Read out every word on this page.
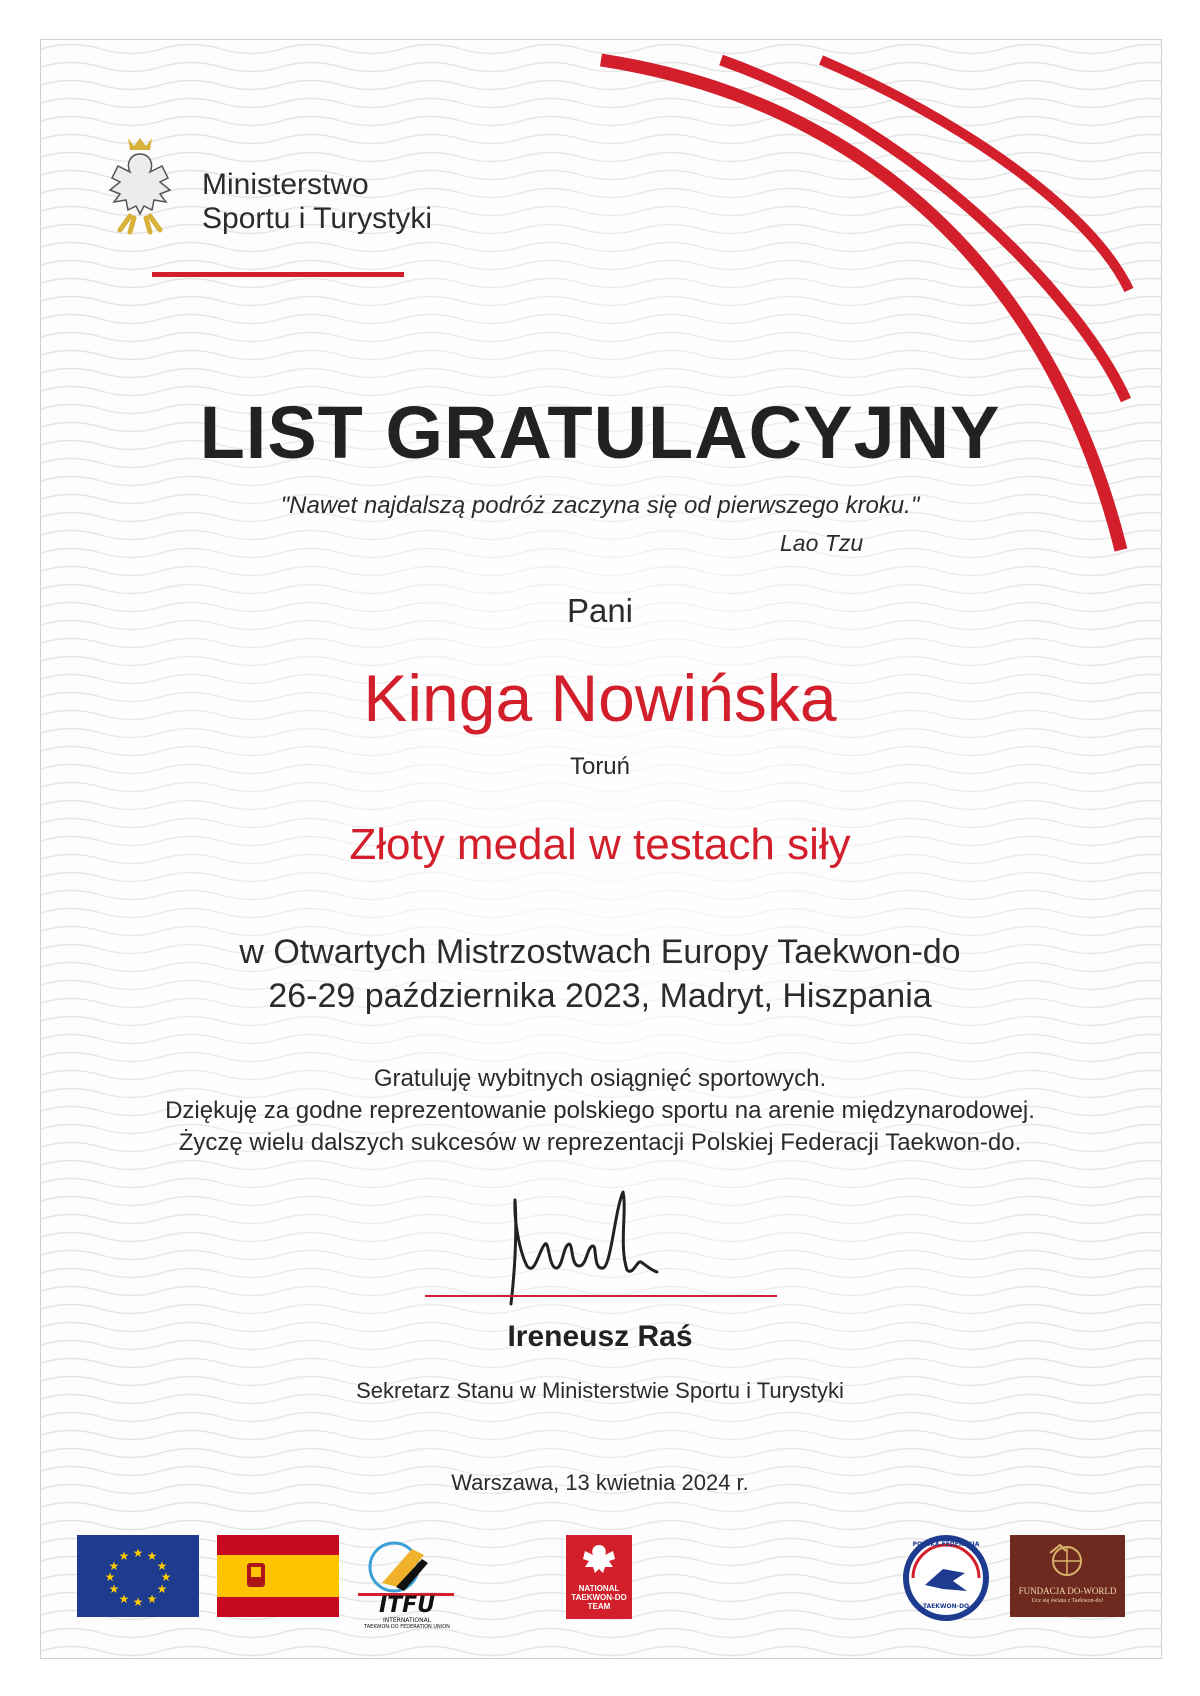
Ministerstwo
Sportu i Turystyki
LIST GRATULACYJNY
"Nawet najdalszą podróż zaczyna się od pierwszego kroku."
Lao Tzu
Pani
Kinga Nowińska
Toruń
Złoty medal w testach siły
w Otwartych Mistrzostwach Europy Taekwon-do
26-29 października 2023, Madryt, Hiszpania
Gratuluję wybitnych osiągnięć sportowych.
Dziękuję za godne reprezentowanie polskiego sportu na arenie międzynarodowej.
Życzę wielu dalszych sukcesów w reprezentacji Polskiej Federacji Taekwon-do.
Ireneusz Raś
Sekretarz Stanu w Ministerstwie Sportu i Turystyki
Warszawa, 13 kwietnia 2024 r.
★ ★
★
★
★
★
★
★
★
★
★
★
ITFU
INTERNATIONAL
TAEKWON-DO FEDERATION UNION
NATIONAL
TAEKWON-DO
TEAM
POLSKA FEDERACJA
TAEKWON-DO
FUNDACJA DO-WORLD
Ucz się świata z Taekwon-do!
